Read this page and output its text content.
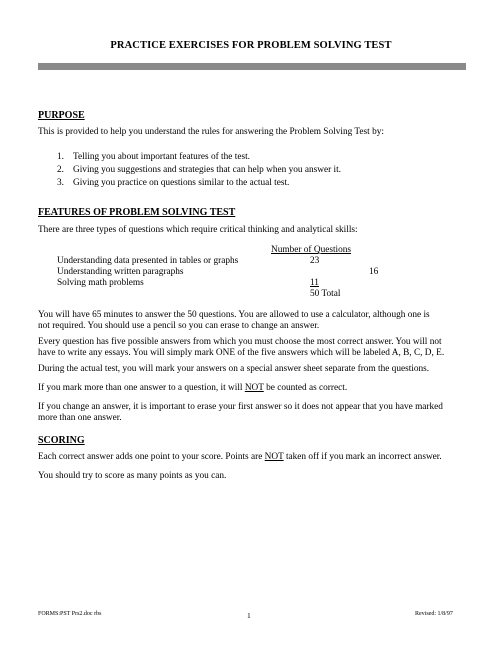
PRACTICE EXERCISES FOR PROBLEM SOLVING TEST
PURPOSE
This is provided to help you understand the rules for answering the Problem Solving Test by:
1. Telling you about important features of the test.
2. Giving you suggestions and strategies that can help when you answer it.
3. Giving you practice on questions similar to the actual test.
FEATURES OF PROBLEM SOLVING TEST
There are three types of questions which require critical thinking and analytical skills:
Number of Questions
Understanding data presented in tables or graphs	23
Understanding written paragraphs	16
Solving math problems	11
50 Total
You will have 65 minutes to answer the 50 questions. You are allowed to use a calculator, although one is
not required. You should use a pencil so you can erase to change an answer.
Every question has five possible answers from which you must choose the most correct answer. You will not
have to write any essays. You will simply mark ONE of the five answers which will be labeled A, B, C, D, E.
During the actual test, you will mark your answers on a special answer sheet separate from the questions.
If you mark more than one answer to a question, it will NOT be counted as correct.
If you change an answer, it is important to erase your first answer so it does not appear that you have marked
more than one answer.
SCORING
Each correct answer adds one point to your score. Points are NOT taken off if you mark an incorrect answer.
You should try to score as many points as you can.
FORMS:PST Prs2.doc rbs	1	Revised: 1/8/97
